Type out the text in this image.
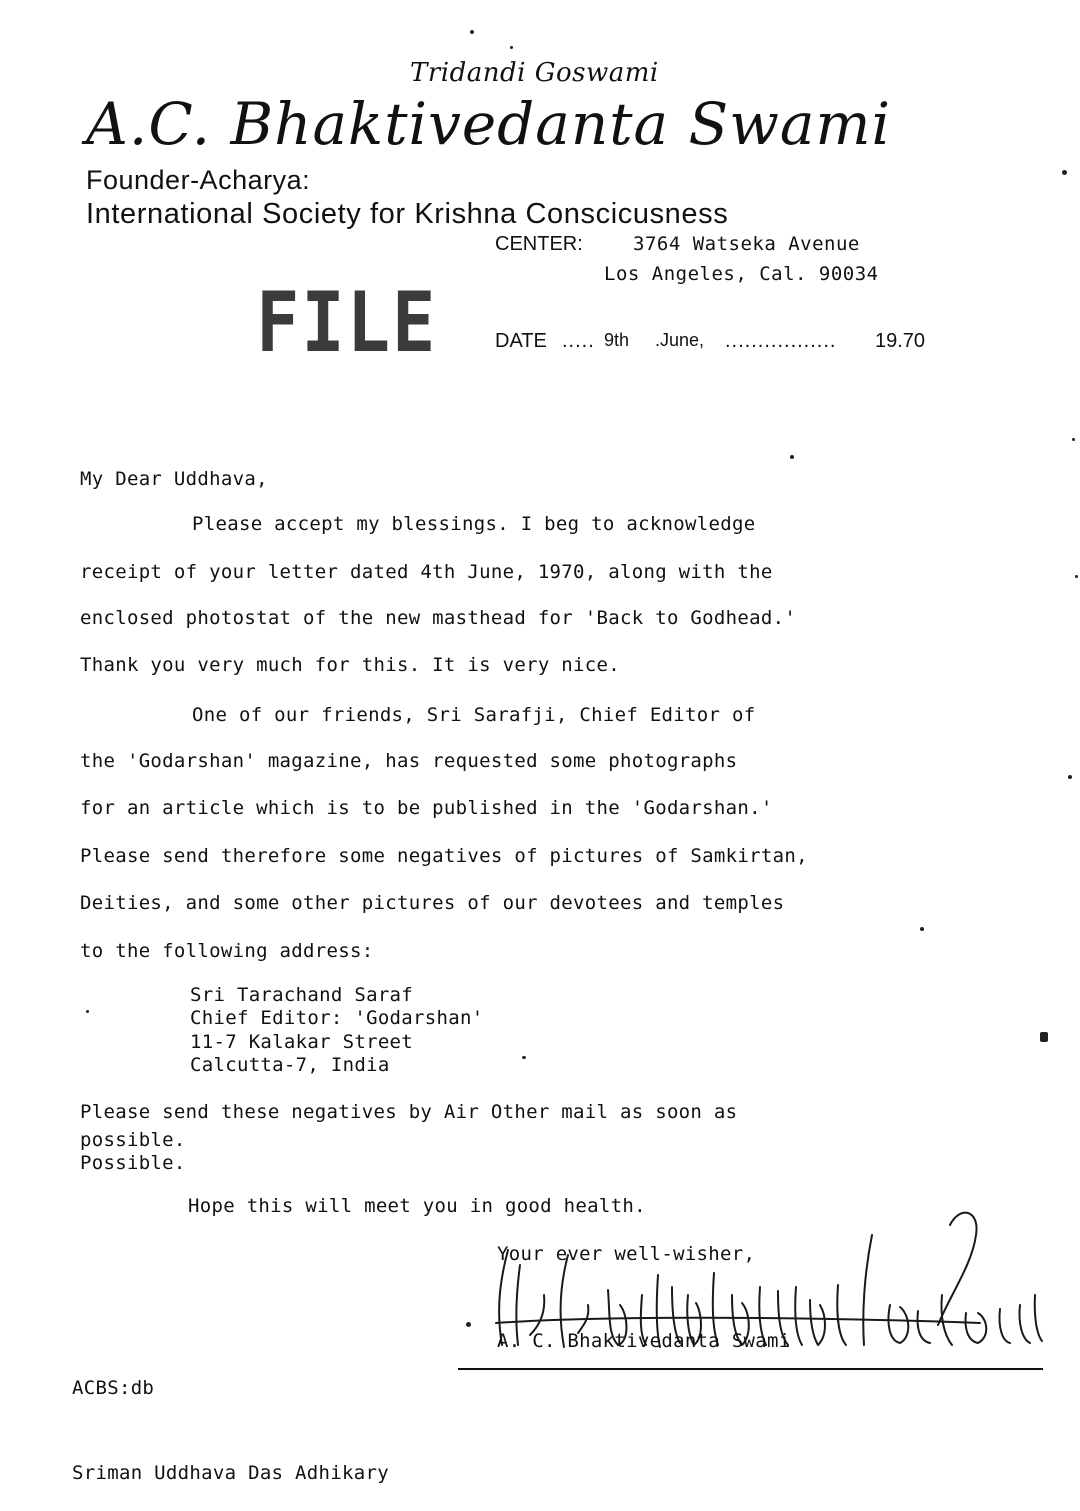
Tridandi Goswami
A.C. Bhaktivedanta Swami
Founder-Acharya:
International Society for Krishna Conscicusness
CENTER:	3764 Watseka Avenue
Los Angeles, Cal. 90034
FILE	DATE ..... 9th .June, ................. 19.70
My Dear Uddhava,
Please accept my blessings. I beg to acknowledge
receipt of your letter dated 4th June, 1970, along with the
enclosed photostat of the new masthead for 'Back to Godhead.'
Thank you very much for this. It is very nice.
One of our friends, Sri Sarafji, Chief Editor of
the 'Godarshan' magazine, has requested some photographs
for an article which is to be published in the 'Godarshan.'
Please send therefore some negatives of pictures of Samkirtan,
Deities, and some other pictures of our devotees and temples
to the following address:
Sri Tarachand Saraf
Chief Editor: 'Godarshan'
11-7 Kalakar Street
Calcutta-7, India
Please send these negatives by Air Other mail as soon as
possible.
Possible.
Hope this will meet you in good health.
Your ever well-wisher,
A. C. Bhaktivedanta Swami
ACBS:db
Sriman Uddhava Das Adhikary
